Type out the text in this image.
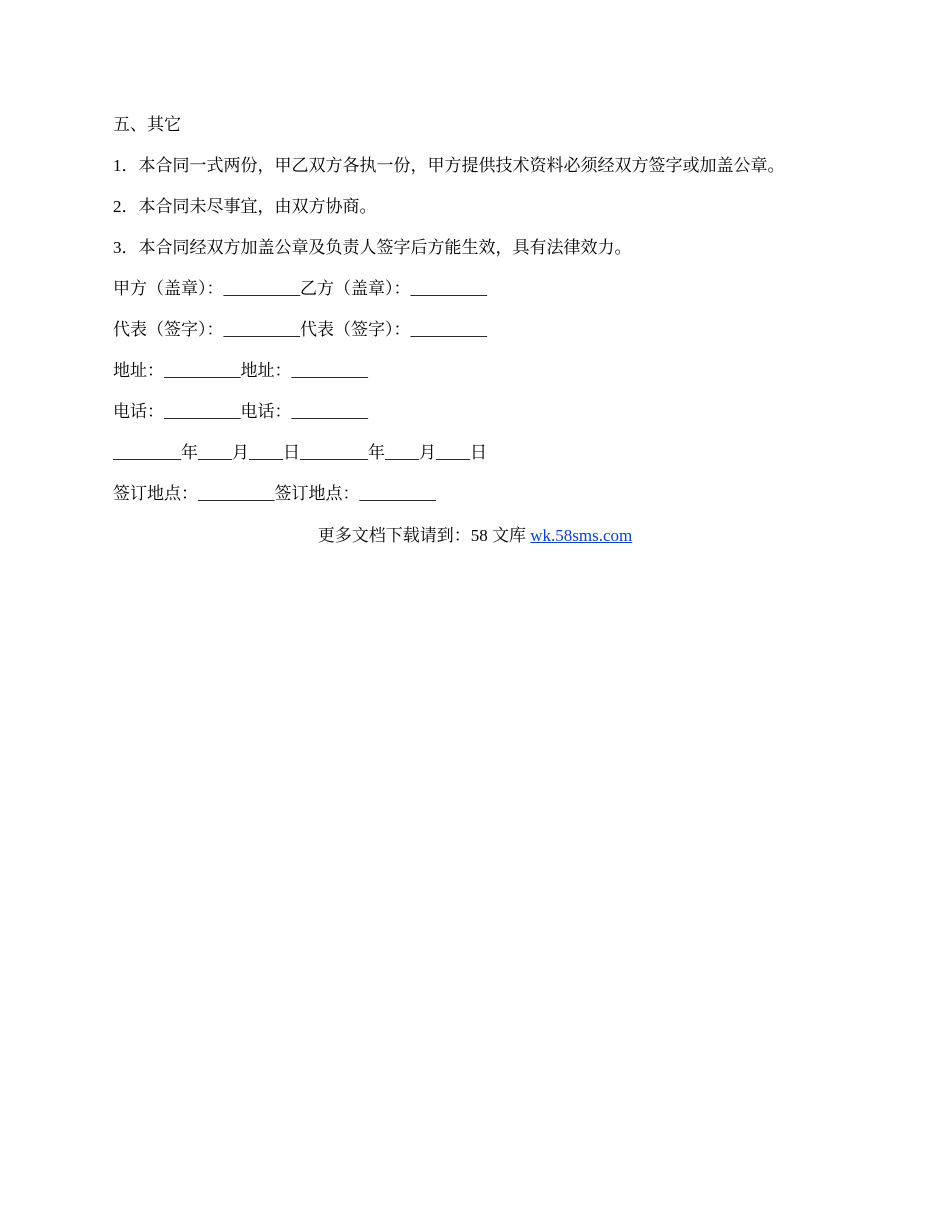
五、其它
1．本合同一式两份，甲乙双方各执一份，甲方提供技术资料必须经双方签字或加盖公章。
2．本合同未尽事宜，由双方协商。
3．本合同经双方加盖公章及负责人签字后方能生效，具有法律效力。
甲方（盖章）：_________乙方（盖章）：_________
代表（签字）：_________代表（签字）：_________
地址：_________地址：_________
电话：_________电话：_________
________年____月____日________年____月____日
签订地点：_________签订地点：_________
更多文档下载请到：58 文库 wk.58sms.com
